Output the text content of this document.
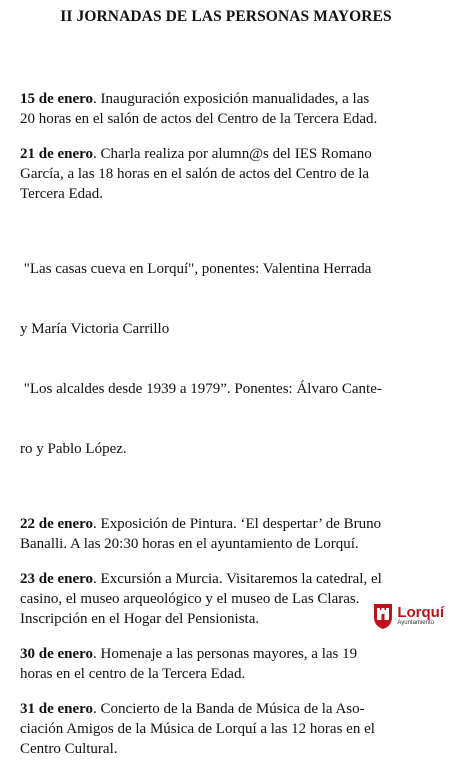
II JORNADAS DE LAS PERSONAS MAYORES

15 de enero. Inauguración exposición manualidades, a las
20 horas en el salón de actos del Centro de la Tercera Edad.

21 de enero. Charla realiza por alumn@s del IES Romano
García, a las 18 horas en el salón de actos del Centro de la
Tercera Edad.

"Las casas cueva en Lorquí", ponentes: Valentina Herrada

y María Victoria Carrillo

"Los alcaldes desde 1939 a 1979”. Ponentes: Álvaro Cante-

ro y Pablo López.

22 de enero. Exposición de Pintura. ‘El despertar’ de Bruno
Banalli. A las 20:30 horas en el ayuntamiento de Lorquí.

23 de enero. Excursión a Murcia. Visitaremos la catedral, el
casino, el museo arqueológico y el museo de Las Claras.
Inscripción en el Hogar del Pensionista.

30 de enero. Homenaje a las personas mayores, a las 19
horas en el centro de la Tercera Edad.

31 de enero. Concierto de la Banda de Música de la Aso-
ciación Amigos de la Música de Lorquí a las 12 horas en el
Centro Cultural.

Lorquí
Ayuntamiento
